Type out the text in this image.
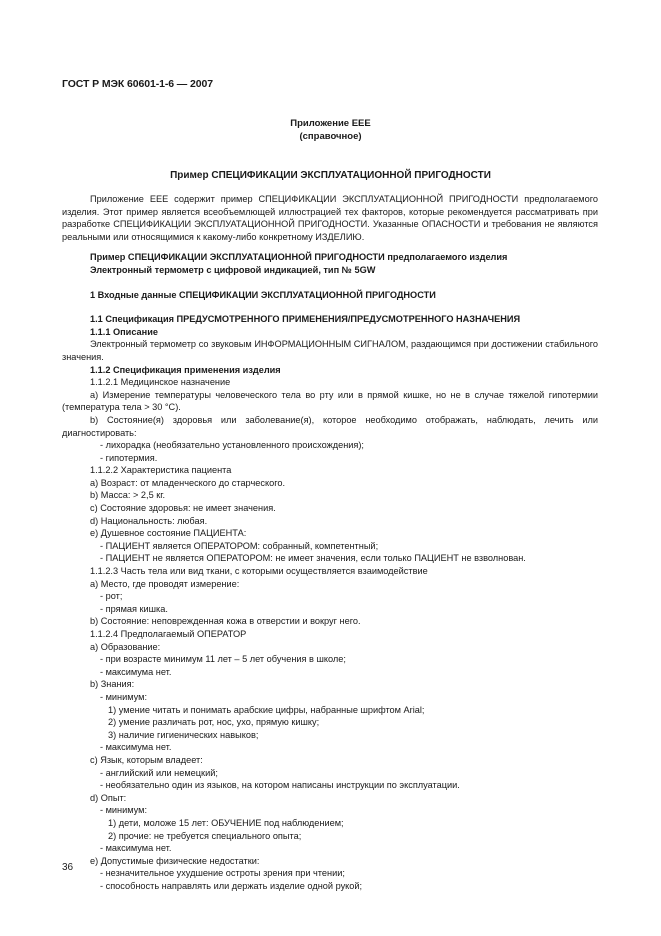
ГОСТ Р МЭК 60601-1-6 — 2007
Приложение ЕЕЕ
(справочное)
Пример СПЕЦИФИКАЦИИ ЭКСПЛУАТАЦИОННОЙ ПРИГОДНОСТИ

Приложение ЕЕЕ содержит пример СПЕЦИФИКАЦИИ ЭКСПЛУАТАЦИОННОЙ ПРИГОДНОСТИ предполагаемого изделия. Этот пример является всеобъемлющей иллюстрацией тех факторов, которые рекомендуется рассматривать при разработке СПЕЦИФИКАЦИИ ЭКСПЛУАТАЦИОННОЙ ПРИГОДНОСТИ. Указанные ОПАСНОСТИ и требования не являются реальными или относящимися к какому-либо конкретному ИЗДЕЛИЮ.

Пример СПЕЦИФИКАЦИИ ЭКСПЛУАТАЦИОННОЙ ПРИГОДНОСТИ предполагаемого изделия

Электронный термометр с цифровой индикацией, тип № 5GW

1 Входные данные СПЕЦИФИКАЦИИ ЭКСПЛУАТАЦИОННОЙ ПРИГОДНОСТИ

1.1 Спецификация ПРЕДУСМОТРЕННОГО ПРИМЕНЕНИЯ/ПРЕДУСМОТРЕННОГО НАЗНАЧЕНИЯ

1.1.1 Описание

Электронный термометр со звуковым ИНФОРМАЦИОННЫМ СИГНАЛОМ, раздающимся при достижении стабильного значения.

1.1.2 Спецификация применения изделия

1.1.2.1 Медицинское назначение

a) Измерение температуры человеческого тела во рту или в прямой кишке, но не в случае тяжелой гипотермии (температура тела > 30 °С).

b) Состояние(я) здоровья или заболевание(я), которое необходимо отображать, наблюдать, лечить или диагностировать:

- лихорадка (необязательно установленного происхождения);

- гипотермия.

1.1.2.2 Характеристика пациента

a) Возраст: от младенческого до старческого.

b) Масса: > 2,5 кг.

c) Состояние здоровья: не имеет значения.

d) Национальность: любая.

e) Душевное состояние ПАЦИЕНТА:

- ПАЦИЕНТ является ОПЕРАТОРОМ: собранный, компетентный;

- ПАЦИЕНТ не является ОПЕРАТОРОМ: не имеет значения, если только ПАЦИЕНТ не взволнован.

1.1.2.3 Часть тела или вид ткани, с которыми осуществляется взаимодействие

a) Место, где проводят измерение:

- рот;

- прямая кишка.

b) Состояние: неповрежденная кожа в отверстии и вокруг него.

1.1.2.4 Предполагаемый ОПЕРАТОР

a) Образование:

- при возрасте минимум 11 лет – 5 лет обучения в школе;

- максимума нет.

b) Знания:

- минимум:

1) умение читать и понимать арабские цифры, набранные шрифтом Arial;

2) умение различать рот, нос, ухо, прямую кишку;

3) наличие гигиенических навыков;

- максимума нет.

c) Язык, которым владеет:

- английский или немецкий;

- необязательно один из языков, на котором написаны инструкции по эксплуатации.

d) Опыт:

- минимум:

1) дети, моложе 15 лет: ОБУЧЕНИЕ под наблюдением;

2) прочие: не требуется специального опыта;

- максимума нет.

e) Допустимые физические недостатки:

- незначительное ухудшение остроты зрения при чтении;

- способность направлять или держать изделие одной рукой;

36
